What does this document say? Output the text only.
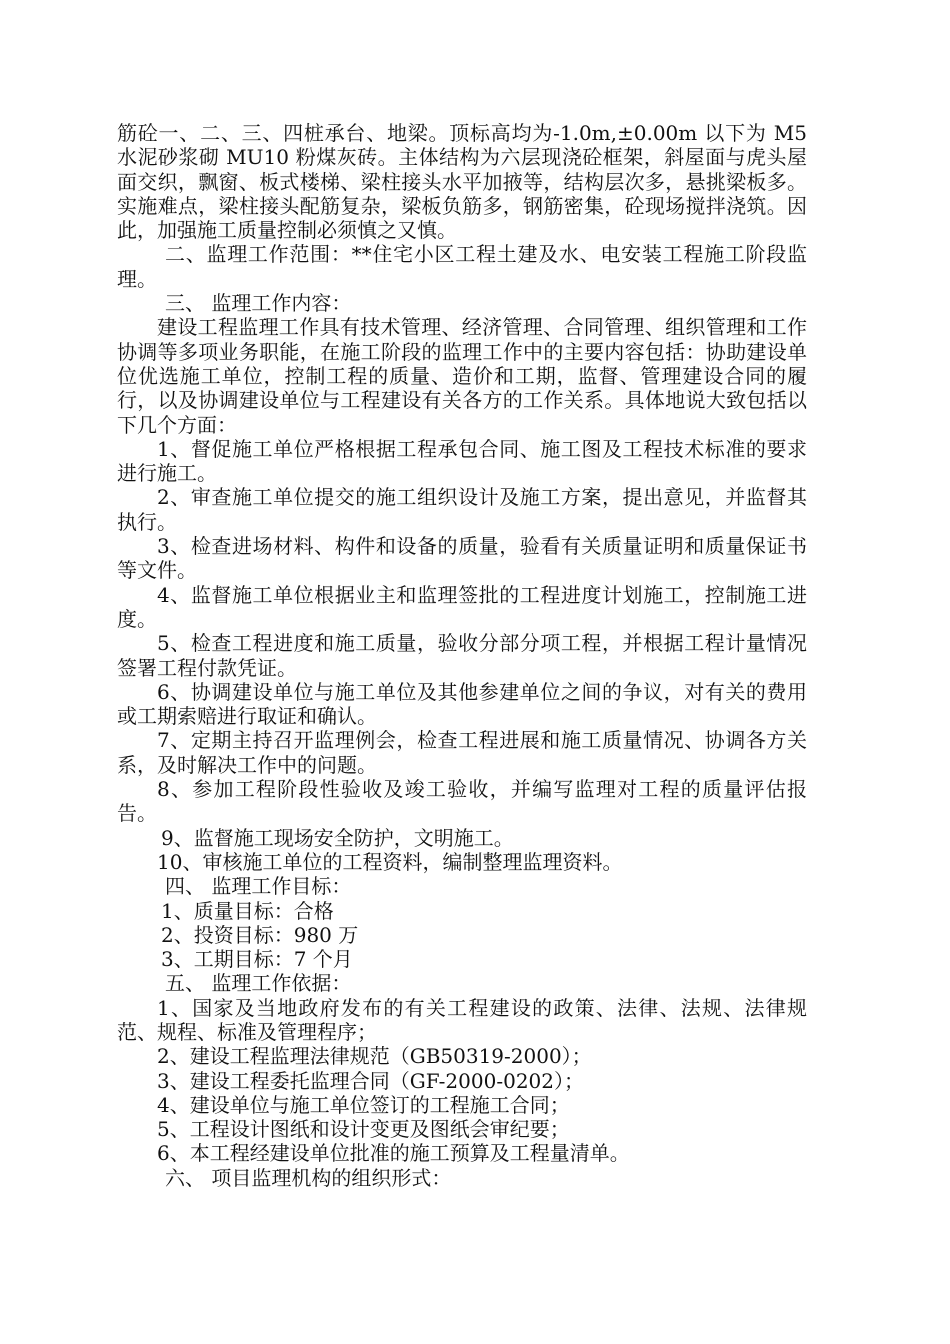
筋砼一、二、三、四桩承台、地梁。顶标高均为-1.0m,±0.00m 以下为 M5 水泥砂浆砌 MU10 粉煤灰砖。主体结构为六层现浇砼框架，斜屋面与虎头屋面交织，飘窗、板式楼梯、梁柱接头水平加掖等，结构层次多，悬挑梁板多。实施难点，梁柱接头配筋复杂，梁板负筋多，钢筋密集，砼现场搅拌浇筑。因此，加强施工质量控制必须慎之又慎。

二、监理工作范围：**住宅小区工程土建及水、电安装工程施工阶段监理。

三、 监理工作内容：

建设工程监理工作具有技术管理、经济管理、合同管理、组织管理和工作协调等多项业务职能，在施工阶段的监理工作中的主要内容包括：协助建设单位优选施工单位，控制工程的质量、造价和工期，监督、管理建设合同的履行，以及协调建设单位与工程建设有关各方的工作关系。具体地说大致包括以下几个方面：

1、督促施工单位严格根据工程承包合同、施工图及工程技术标准的要求进行施工。

2、审查施工单位提交的施工组织设计及施工方案，提出意见，并监督其执行。

3、检查进场材料、构件和设备的质量，验看有关质量证明和质量保证书等文件。

4、监督施工单位根据业主和监理签批的工程进度计划施工，控制施工进度。

5、检查工程进度和施工质量，验收分部分项工程，并根据工程计量情况签署工程付款凭证。

6、协调建设单位与施工单位及其他参建单位之间的争议，对有关的费用或工期索赔进行取证和确认。

7、定期主持召开监理例会，检查工程进展和施工质量情况、协调各方关系，及时解决工作中的问题。

8、参加工程阶段性验收及竣工验收，并编写监理对工程的质量评估报告。

9、监督施工现场安全防护，文明施工。

10、审核施工单位的工程资料，编制整理监理资料。

四、 监理工作目标：

1、质量目标：合格

2、投资目标：980 万

3、工期目标：7 个月

五、 监理工作依据：

1、国家及当地政府发布的有关工程建设的政策、法律、法规、法律规范、规程、标准及管理程序；

2、建设工程监理法律规范（GB50319-2000）；

3、建设工程委托监理合同（GF-2000-0202）；

4、建设单位与施工单位签订的工程施工合同；

5、工程设计图纸和设计变更及图纸会审纪要；

6、本工程经建设单位批准的施工预算及工程量清单。

六、 项目监理机构的组织形式：
